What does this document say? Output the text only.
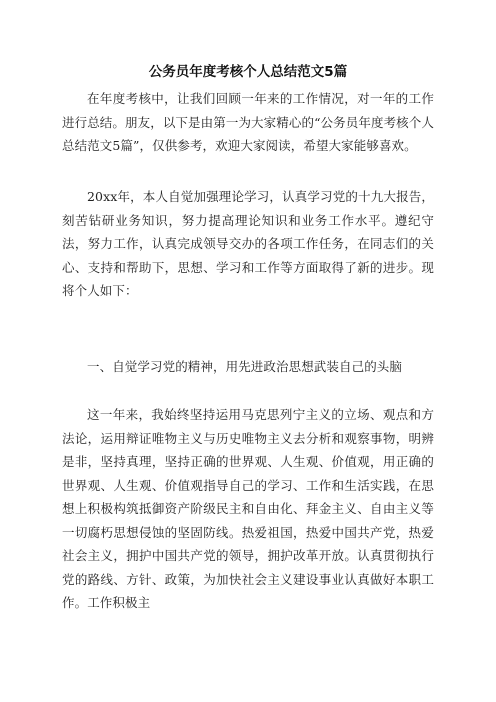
公务员年度考核个人总结范文5篇

在年度考核中，让我们回顾一年来的工作情况，对一年的工作进行总结。朋友，以下是由第一为大家精心的“公务员年度考核个人总结范文5篇”，仅供参考，欢迎大家阅读，希望大家能够喜欢。

20xx年，本人自觉加强理论学习，认真学习党的十九大报告，刻苦钻研业务知识，努力提高理论知识和业务工作水平。遵纪守法，努力工作，认真完成领导交办的各项工作任务，在同志们的关心、支持和帮助下，思想、学习和工作等方面取得了新的进步。现将个人如下：

一、自觉学习党的精神，用先进政治思想武装自己的头脑

这一年来，我始终坚持运用马克思列宁主义的立场、观点和方法论，运用辩证唯物主义与历史唯物主义去分析和观察事物，明辨是非，坚持真理，坚持正确的世界观、人生观、价值观，用正确的世界观、人生观、价值观指导自己的学习、工作和生活实践，在思想上积极构筑抵御资产阶级民主和自由化、拜金主义、自由主义等一切腐朽思想侵蚀的坚固防线。热爱祖国，热爱中国共产党，热爱社会主义，拥护中国共产党的领导，拥护改革开放。认真贯彻执行党的路线、方针、政策，为加快社会主义建设事业认真做好本职工作。工作积极主
